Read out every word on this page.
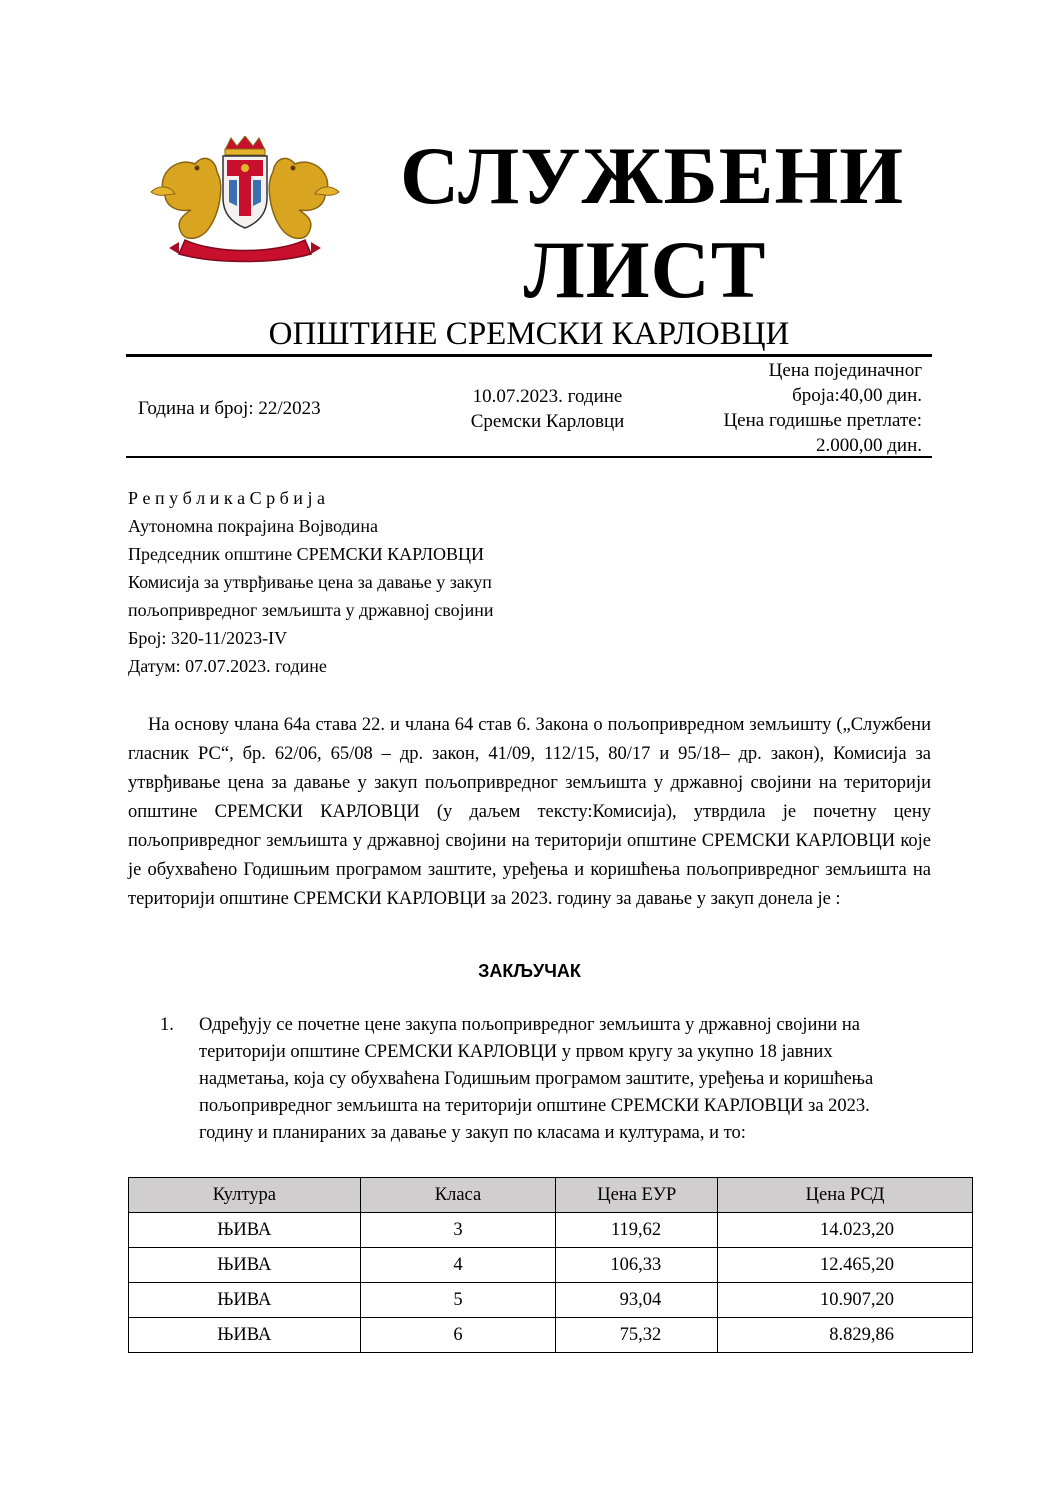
СЛУЖБЕНИ
ЛИСТ
ОПШТИНЕ СРЕМСКИ КАРЛОВЦИ
Година и број: 22/2023
10.07.2023. године
Сремски Карловци
Цена појединачног
броја:40,00 дин.
Цена годишње претлате:
2.000,00 дин.
Р е п у б л и к а С р б и ј а
Аутономна покрајина Војводина
Председник општине СРЕМСКИ КАРЛОВЦИ
Комисија за утврђивање цена за давање у закуп
пољопривредног земљишта у државној својини
Број: 320-11/2023-IV
Датум: 07.07.2023. године
На основу члана 64а става 22. и члана 64 став 6. Закона о пољопривредном земљишту („Службени гласник РС“, бр. 62/06, 65/08 – др. закон, 41/09, 112/15, 80/17 и 95/18– др. закон), Комисија за утврђивање цена за давање у закуп пољопривредног земљишта у државној својини на територији општине СРЕМСКИ КАРЛОВЦИ (у даљем тексту:Комисија), утврдила је почетну цену пољопривредног земљишта у државној својини на територији општине СРЕМСКИ КАРЛОВЦИ које је обухваћено Годишњим програмом заштите, уређења и коришћења пољопривредног земљишта на територији општине СРЕМСКИ КАРЛОВЦИ за 2023. годину за давање у закуп донела је :
ЗАКЉУЧАК
1. Одређују се почетне цене закупа пољопривредног земљишта у државној својини на територији општине СРЕМСКИ КАРЛОВЦИ у првом кругу за укупно 18 јавних надметања, која су обухваћена Годишњим програмом заштите, уређења и коришћења пољопривредног земљишта на територији општине СРЕМСКИ КАРЛОВЦИ за 2023. годину и планираних за давање у закуп по класама и културама, и то:
Култура	Класа	Цена ЕУР	Цена РСД
ЊИВА	3	119,62	14.023,20
ЊИВА	4	106,33	12.465,20
ЊИВА	5	93,04	10.907,20
ЊИВА	6	75,32	8.829,86
